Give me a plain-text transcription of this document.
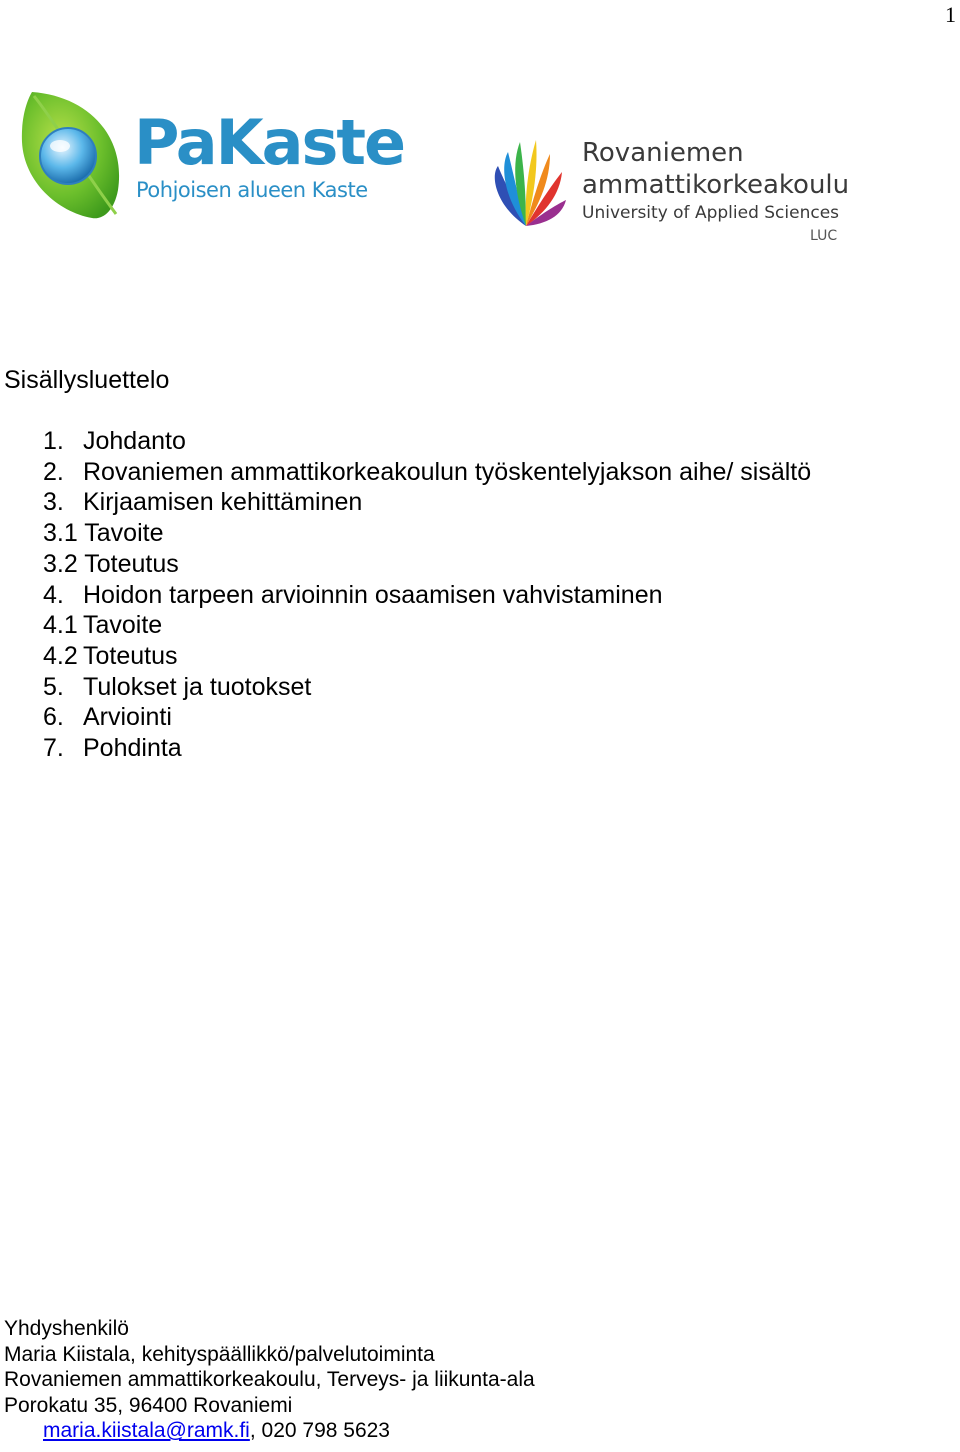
1
PaKaste
Pohjoisen alueen Kaste
Rovaniemen
ammattikorkeakoulu
University of Applied Sciences
LUC
Sisällysluettelo
1. Johdanto
2. Rovaniemen ammattikorkeakoulun työskentelyjakson aihe/ sisältö
3. Kirjaamisen kehittäminen
3.1 Tavoite
3.2 Toteutus
4. Hoidon tarpeen arvioinnin osaamisen vahvistaminen
4.1 Tavoite
4.2 Toteutus
5. Tulokset ja tuotokset
6. Arviointi
7. Pohdinta
Yhdyshenkilö
Maria Kiistala, kehityspäällikkö/palvelutoiminta
Rovaniemen ammattikorkeakoulu, Terveys- ja liikunta-ala
Porokatu 35, 96400 Rovaniemi
maria.kiistala@ramk.fi, 020 798 5623
